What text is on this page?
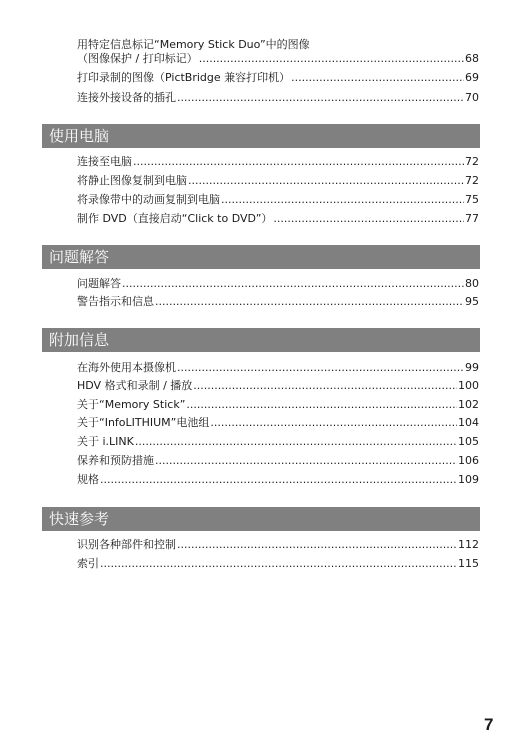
用特定信息标记“Memory Stick Duo”中的图像
（图像保护 / 打印标记） .....	68
打印录制的图像（PictBridge 兼容打印机） .....	69
连接外接设备的插孔 .....	70
使用电脑
连接至电脑 .....	72
将静止图像复制到电脑 .....	72
将录像带中的动画复制到电脑 .....	75
制作 DVD（直接启动“Click to DVD”） .....	77
问题解答
问题解答 .....	80
警告指示和信息 .....	95
附加信息
在海外使用本摄像机 .....	99
HDV 格式和录制 / 播放 .....	100
关于“Memory Stick” .....	102
关于“InfoLITHIUM”电池组 .....	104
关于 i.LINK .....	105
保养和预防措施 .....	106
规格 .....	109
快速参考
识别各种部件和控制 .....	112
索引 .....	115
7
